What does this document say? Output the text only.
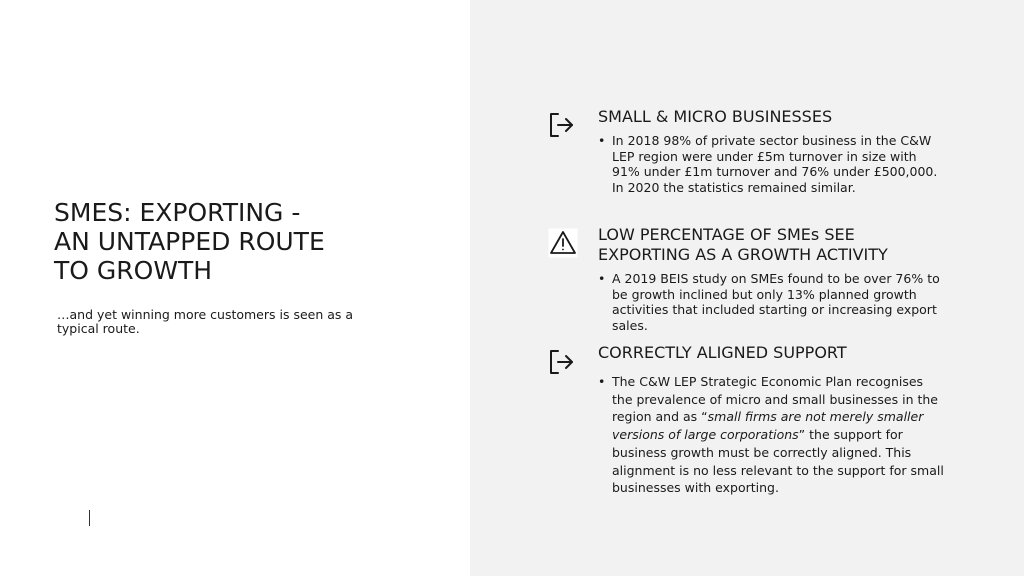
SMES: EXPORTING -
AN UNTAPPED ROUTE
TO GROWTH

…and yet winning more customers is seen as a
typical route.

SMALL & MICRO BUSINESSES

• In 2018 98% of private sector business in the C&W
LEP region were under £5m turnover in size with
91% under £1m turnover and 76% under £500,000.
In 2020 the statistics remained similar.

LOW PERCENTAGE OF SMEs SEE
EXPORTING AS A GROWTH ACTIVITY

• A 2019 BEIS study on SMEs found to be over 76% to
be growth inclined but only 13% planned growth
activities that included starting or increasing export
sales.

CORRECTLY ALIGNED SUPPORT

• The C&W LEP Strategic Economic Plan recognises
the prevalence of micro and small businesses in the
region and as “small firms are not merely smaller
versions of large corporations” the support for
business growth must be correctly aligned. This
alignment is no less relevant to the support for small
businesses with exporting.
